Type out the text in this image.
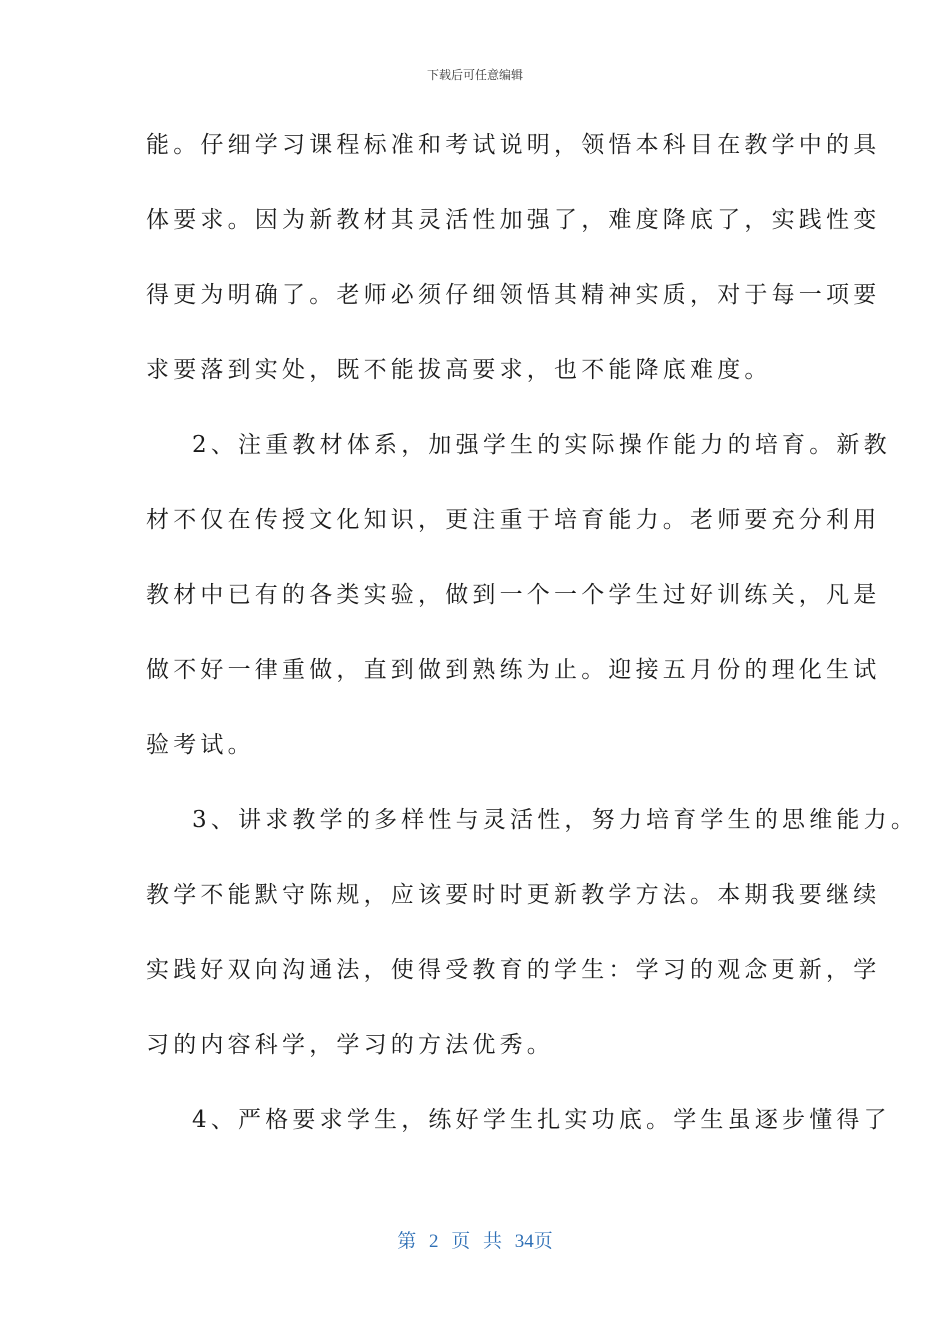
下载后可任意编辑
能。仔细学习课程标准和考试说明，领悟本科目在教学中的具
体要求。因为新教材其灵活性加强了，难度降底了，实践性变
得更为明确了。老师必须仔细领悟其精神实质，对于每一项要
求要落到实处，既不能拔高要求，也不能降底难度。
2、注重教材体系，加强学生的实际操作能力的培育。新教
材不仅在传授文化知识，更注重于培育能力。老师要充分利用
教材中已有的各类实验，做到一个一个学生过好训练关，凡是
做不好一律重做，直到做到熟练为止。迎接五月份的理化生试
验考试。
3、讲求教学的多样性与灵活性，努力培育学生的思维能力。
教学不能默守陈规，应该要时时更新教学方法。本期我要继续
实践好双向沟通法，使得受教育的学生：学习的观念更新，学
习的内容科学，学习的方法优秀。
4、严格要求学生，练好学生扎实功底。学生虽逐步懂得了
第 2 页 共 34页
